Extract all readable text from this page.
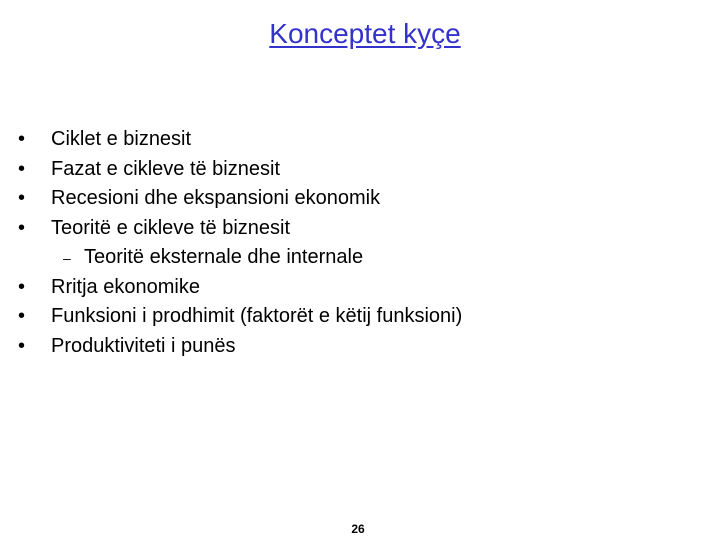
Konceptet kyçe
• Ciklet e biznesit
• Fazat e cikleve të biznesit
• Recesioni dhe ekspansioni ekonomik
• Teoritë e cikleve të biznesit
– Teoritë eksternale dhe internale
• Rritja ekonomike
• Funksioni i prodhimit (faktorët e këtij funksioni)
• Produktiviteti i punës
26
